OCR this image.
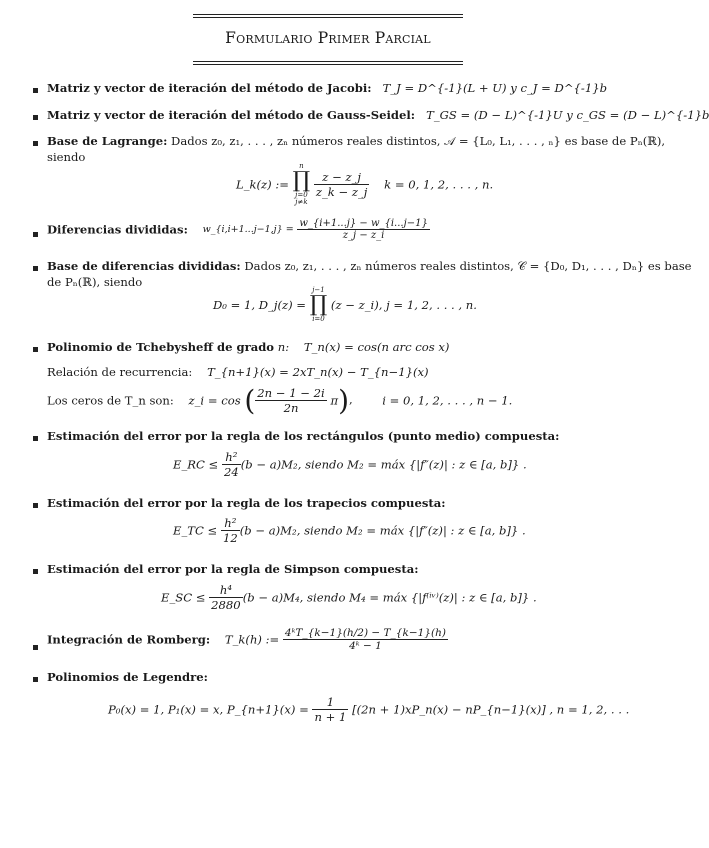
Formulario Primer Parcial
Matriz y vector de iteración del método de Jacobi: T_J = D^{-1}(L + U) y c_J = D^{-1}b
Matriz y vector de iteración del método de Gauss-Seidel: T_GS = (D − L)^{-1}U y c_GS = (D − L)^{-1}b
Base de Lagrange: Dados z₀, z₁, . . . , zₙ números reales distintos, 𝒜 = {L₀, L₁, . . . , ₙ} es base de Pₙ(ℝ),
siendo
L_k(z) :=
n
∏
j=0
j≠k

$\frac{z - z\_j}{z\_k - z\_j}$ k = 0, 1, 2, . . . , n.
Diferencias divididas: w_{i,i+1...j−1,j} = $\frac{w\_\{i+1...j\} - w\_\{i...j-1\}}{z\_j - z\_i}$
Base de diferencias divididas: Dados z₀, z₁, . . . , zₙ números reales distintos, 𝒞 = {D₀, D₁, . . . , Dₙ} es base
de Pₙ(ℝ), siendo
D₀ = 1, D_j(z) =
j−1
∏
i=0
(z − z_i), j = 1, 2, . . . , n.
Polinomio de Tchebysheff de grado n: T_n(x) = cos(n arc cos x)
Relación de recurrencia: T_{n+1}(x) = 2xT_n(x) − T_{n−1}(x)
Los ceros de T_n son: z_i = cos ( $\frac{2n - 1 - 2i}{2n} \pi$),        i = 0, 1, 2, . . . , n − 1.
Estimación del error por la regla de los rectángulos (punto medio) compuesta:
E_RC ≤ $\frac{\text{h²}}{24} (b - a)M_2$, siendo M₂ = máx {|f″(z)| : z ∈ [a, b]} .
Estimación del error por la regla de los trapecios compuesta:
E_TC ≤ $\frac{\text{h²}}{12} (b - a)M_2$, siendo M₂ = máx {|f″(z)| : z ∈ [a, b]} .
Estimación del error por la regla de Simpson compuesta:
E_SC ≤ $\frac{\text{h⁴}}{2880} (b - a)M_4$, siendo M₄ = máx {|f⁽ⁱᵛ⁾(z)| : z ∈ [a, b]} .
Integración de Romberg: T_k(h) := $\frac{\text{4ᵏT\_\{k−1\}(h/2) − T\_\{k−1\}(h)}}{\text{4ᵏ − 1}}$
Polinomios de Legendre:
P₀(x) = 1, P₁(x) = x, P_{n+1}(x) = $\frac{1}{n + 1} [(2n$ + 1)xP_n(x) − nP_{n−1}(x)] , n = 1, 2, . . .
